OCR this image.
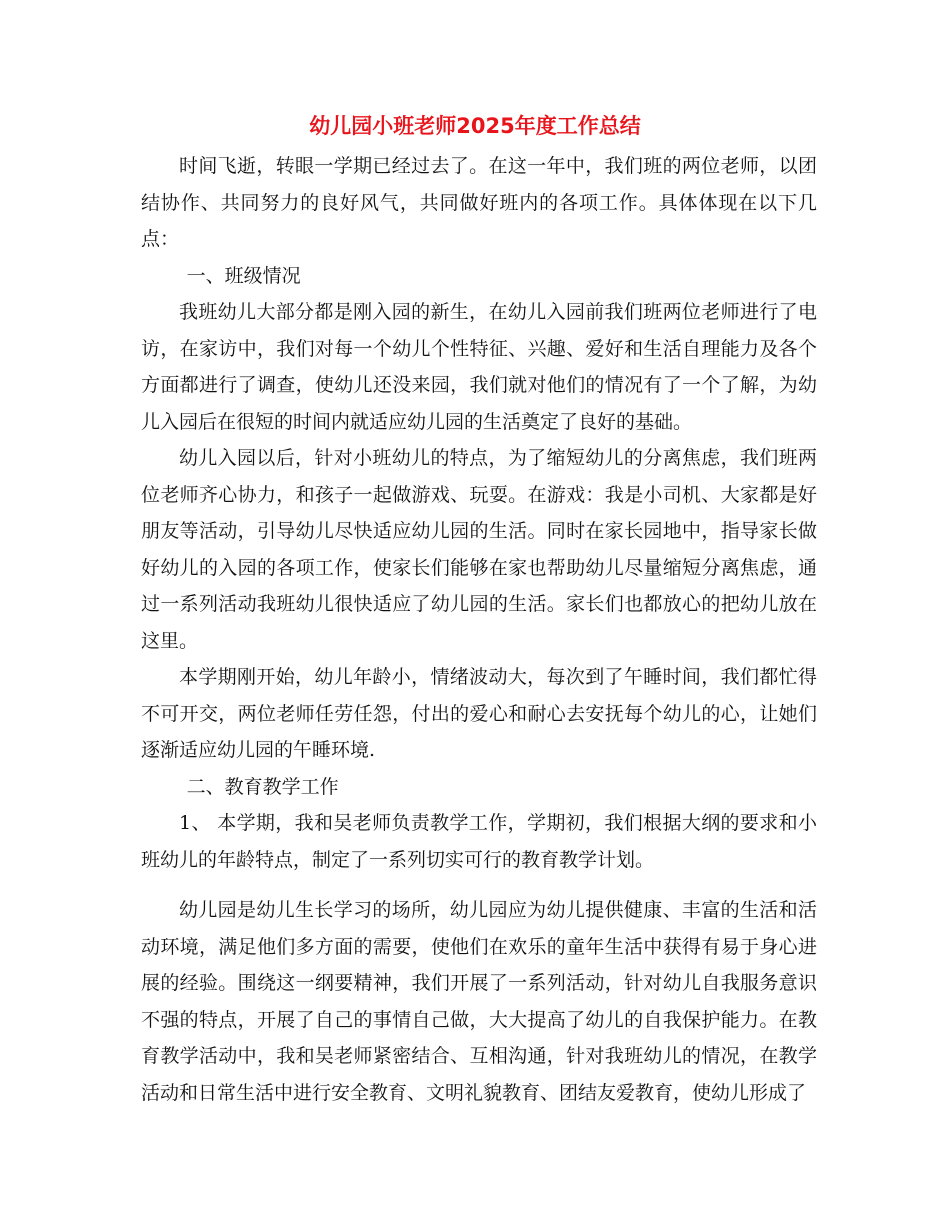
幼儿园小班老师2025年度工作总结

时间飞逝，转眼一学期已经过去了。在这一年中，我们班的两位老师，以团结协作、共同努力的良好风气，共同做好班内的各项工作。具体体现在以下几点：

一、班级情况

我班幼儿大部分都是刚入园的新生，在幼儿入园前我们班两位老师进行了电访，在家访中，我们对每一个幼儿个性特征、兴趣、爱好和生活自理能力及各个方面都进行了调查，使幼儿还没来园，我们就对他们的情况有了一个了解，为幼儿入园后在很短的时间内就适应幼儿园的生活奠定了良好的基础。

幼儿入园以后，针对小班幼儿的特点，为了缩短幼儿的分离焦虑，我们班两位老师齐心协力，和孩子一起做游戏、玩耍。在游戏：我是小司机、大家都是好朋友等活动，引导幼儿尽快适应幼儿园的生活。同时在家长园地中，指导家长做好幼儿的入园的各项工作，使家长们能够在家也帮助幼儿尽量缩短分离焦虑，通过一系列活动我班幼儿很快适应了幼儿园的生活。家长们也都放心的把幼儿放在这里。

本学期刚开始，幼儿年龄小，情绪波动大，每次到了午睡时间，我们都忙得不可开交，两位老师任劳任怨，付出的爱心和耐心去安抚每个幼儿的心，让她们逐渐适应幼儿园的午睡环境.

二、教育教学工作

1、 本学期，我和吴老师负责教学工作，学期初，我们根据大纲的要求和小班幼儿的年龄特点，制定了一系列切实可行的教育教学计划。

幼儿园是幼儿生长学习的场所，幼儿园应为幼儿提供健康、丰富的生活和活动环境，满足他们多方面的需要，使他们在欢乐的童年生活中获得有易于身心进展的经验。围绕这一纲要精神，我们开展了一系列活动，针对幼儿自我服务意识不强的特点，开展了自己的事情自己做，大大提高了幼儿的自我保护能力。在教育教学活动中，我和吴老师紧密结合、互相沟通，针对我班幼儿的情况，在教学活动和日常生活中进行安全教育、文明礼貌教育、团结友爱教育，使幼儿形成了
